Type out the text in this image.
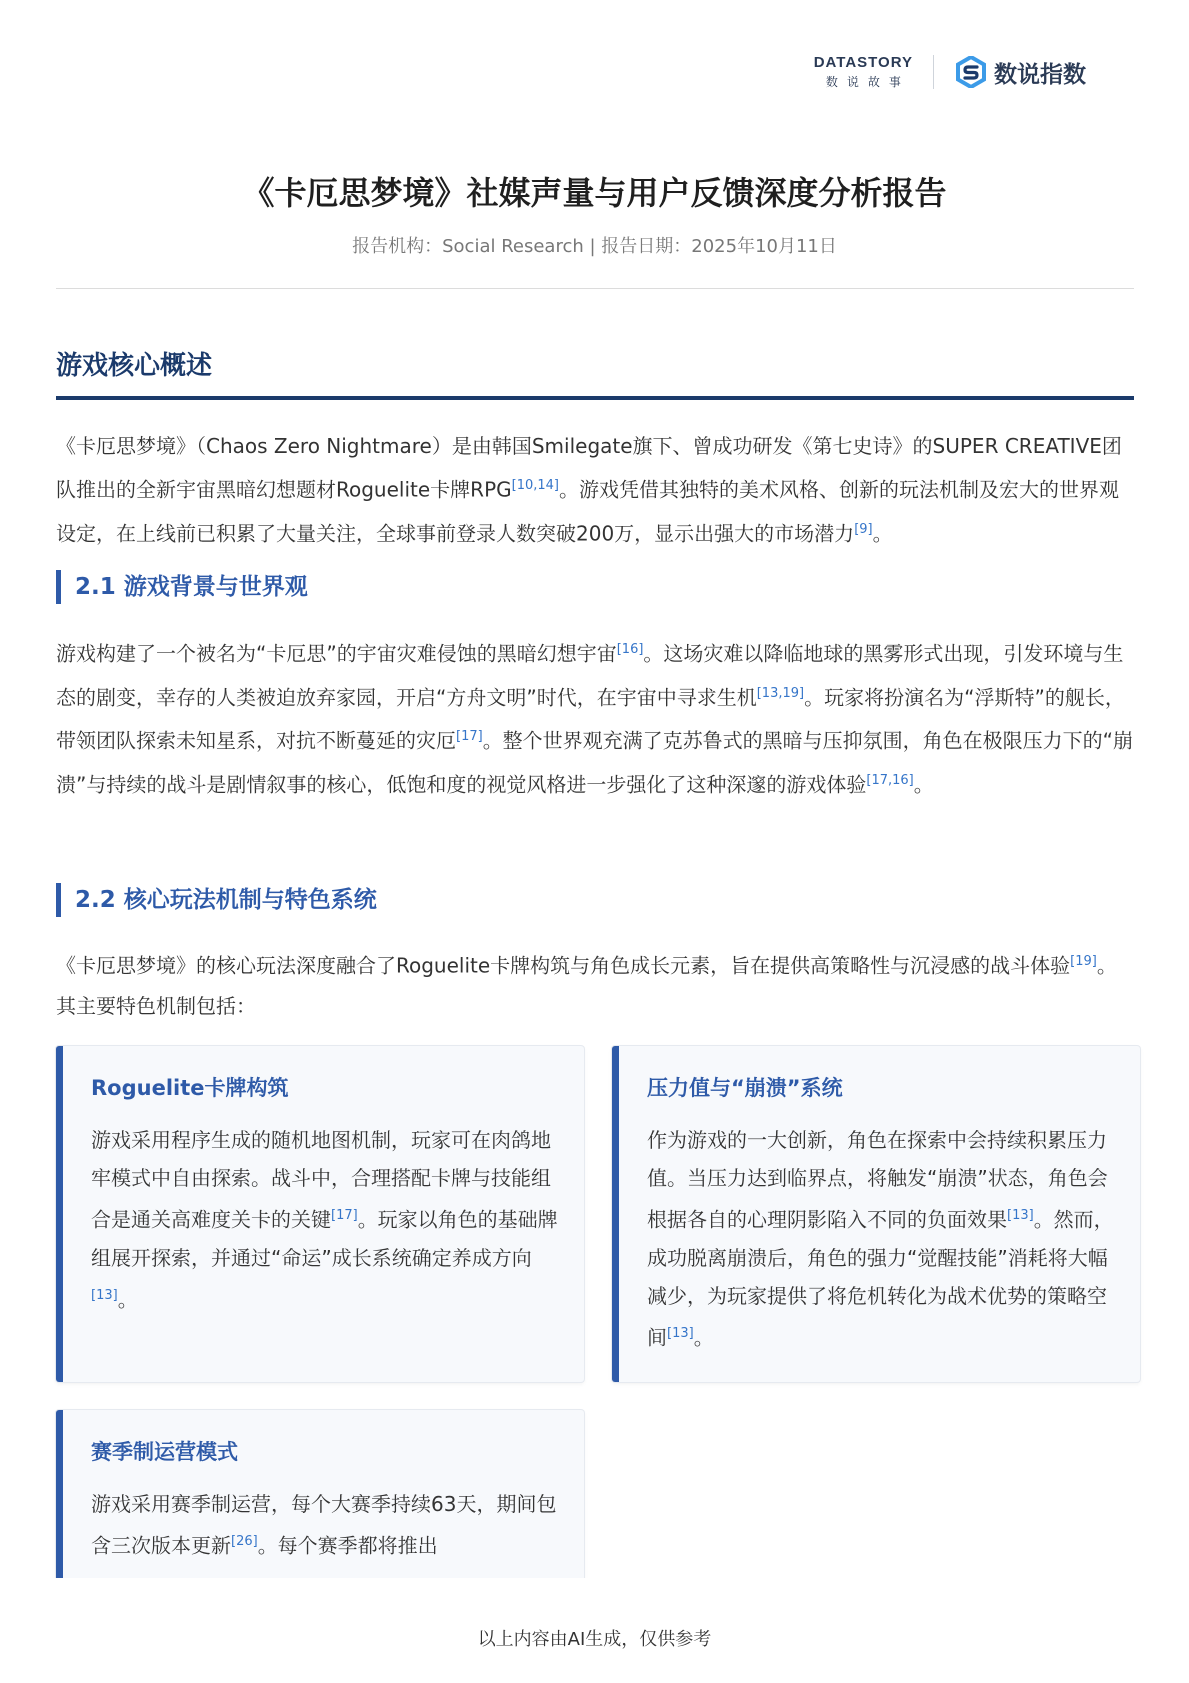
DATASTORY
数说故事	数说指数
《卡厄思梦境》社媒声量与用户反馈深度分析报告
报告机构：Social Research | 报告日期：2025年10月11日
游戏核心概述

《卡厄思梦境》（Chaos Zero Nightmare）是由韩国Smilegate旗下、曾成功研发《第七史诗》的SUPER CREATIVE团队推出的全新宇宙黑暗幻想题材Roguelite卡牌RPG[10,14]。游戏凭借其独特的美术风格、创新的玩法机制及宏大的世界观设定，在上线前已积累了大量关注，全球事前登录人数突破200万，显示出强大的市场潜力[9]。

2.1 游戏背景与世界观

游戏构建了一个被名为“卡厄思”的宇宙灾难侵蚀的黑暗幻想宇宙[16]。这场灾难以降临地球的黑雾形式出现，引发环境与生态的剧变，幸存的人类被迫放弃家园，开启“方舟文明”时代，在宇宙中寻求生机[13,19]。玩家将扮演名为“浮斯特”的舰长，带领团队探索未知星系，对抗不断蔓延的灾厄[17]。整个世界观充满了克苏鲁式的黑暗与压抑氛围，角色在极限压力下的“崩溃”与持续的战斗是剧情叙事的核心，低饱和度的视觉风格进一步强化了这种深邃的游戏体验[17,16]。

2.2 核心玩法机制与特色系统

《卡厄思梦境》的核心玩法深度融合了Roguelite卡牌构筑与角色成长元素，旨在提供高策略性与沉浸感的战斗体验[19]。其主要特色机制包括：

Roguelite卡牌构筑

游戏采用程序生成的随机地图机制，玩家可在肉鸽地牢模式中自由探索。战斗中，合理搭配卡牌与技能组合是通关高难度关卡的关键[17]。玩家以角色的基础牌组展开探索，并通过“命运”成长系统确定养成方向[13]。

压力值与“崩溃”系统

作为游戏的一大创新，角色在探索中会持续积累压力值。当压力达到临界点，将触发“崩溃”状态，角色会根据各自的心理阴影陷入不同的负面效果[13]。然而，成功脱离崩溃后，角色的强力“觉醒技能”消耗将大幅减少，为玩家提供了将危机转化为战术优势的策略空间[13]。

赛季制运营模式

游戏采用赛季制运营，每个大赛季持续63天，期间包含三次版本更新[26]。每个赛季都将推出

以上内容由AI生成，仅供参考
